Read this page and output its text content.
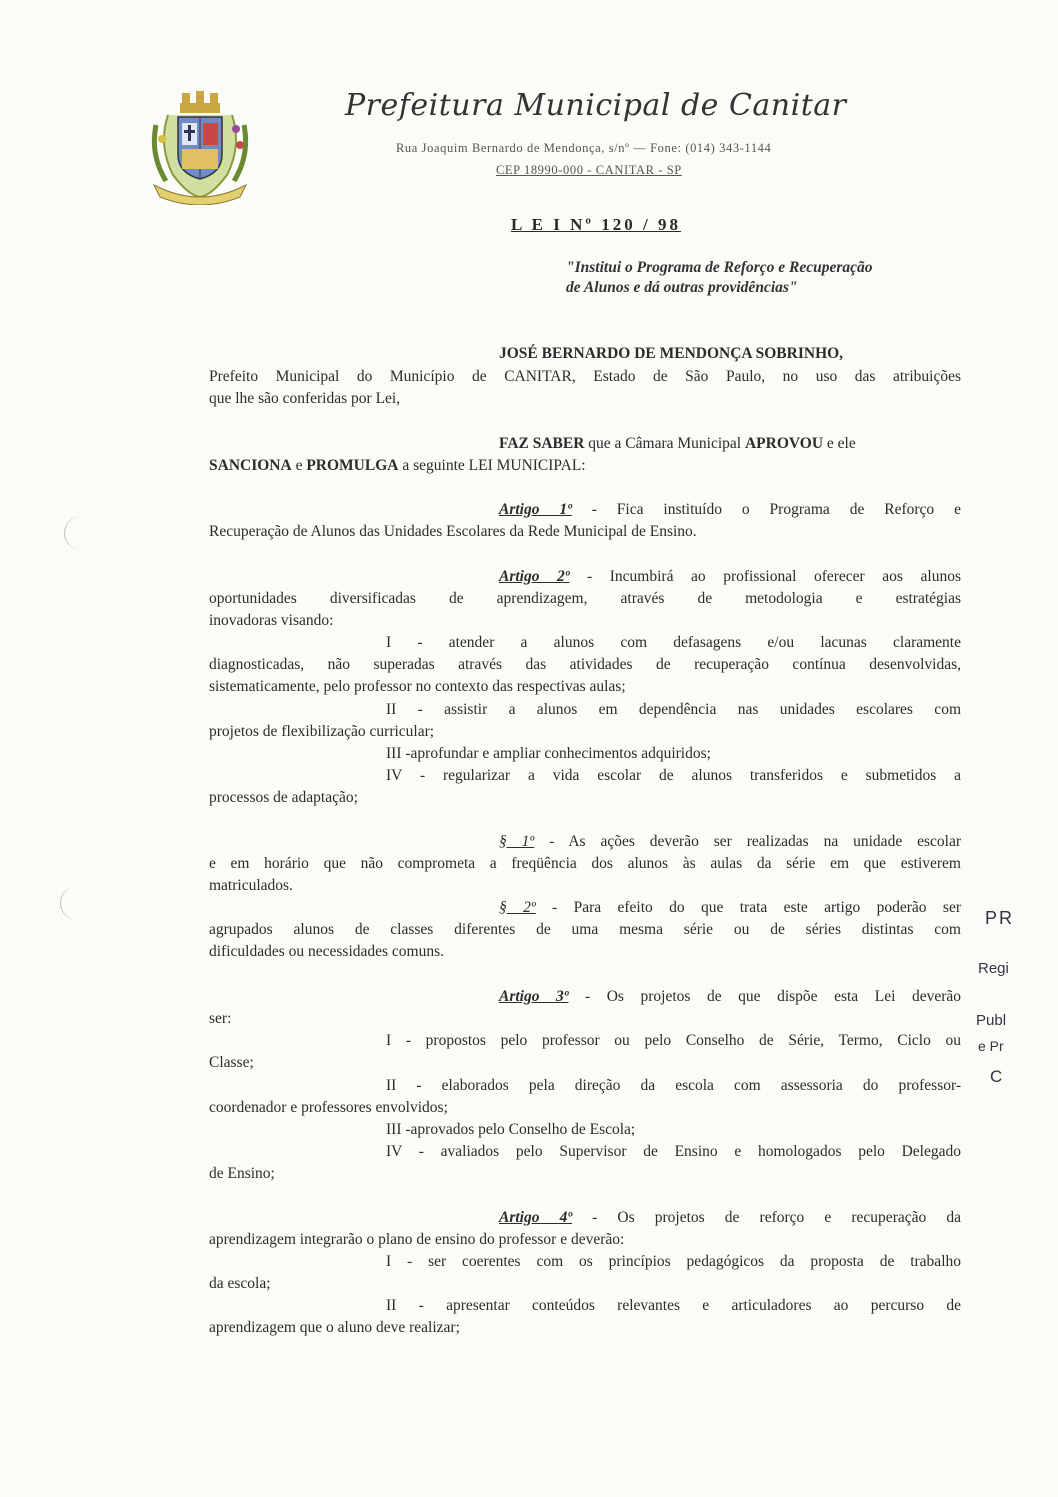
Prefeitura Municipal de Canitar
Rua Joaquim Bernardo de Mendonça, s/nº — Fone: (014) 343-1144
CEP 18990-000 - CANITAR - SP
L E I Nº 120 / 98
"Institui o Programa de Reforço e Recuperação
de Alunos e dá outras providências"
JOSÉ BERNARDO DE MENDONÇA SOBRINHO,
Prefeito Municipal do Município de CANITAR, Estado de São Paulo, no uso das atribuições
que lhe são conferidas por Lei,
FAZ SABER que a Câmara Municipal APROVOU e ele
SANCIONA e PROMULGA a seguinte LEI MUNICIPAL:
Artigo 1º - Fica instituído o Programa de Reforço e
Recuperação de Alunos das Unidades Escolares da Rede Municipal de Ensino.
Artigo 2º - Incumbirá ao profissional oferecer aos alunos
oportunidades diversificadas de aprendizagem, através de metodologia e estratégias
inovadoras visando:
I - atender a alunos com defasagens e/ou lacunas claramente
diagnosticadas, não superadas através das atividades de recuperação contínua desenvolvidas,
sistematicamente, pelo professor no contexto das respectivas aulas;
II - assistir a alunos em dependência nas unidades escolares com
projetos de flexibilização curricular;
III -aprofundar e ampliar conhecimentos adquiridos;
IV - regularizar a vida escolar de alunos transferidos e submetidos a
processos de adaptação;
§ 1º - As ações deverão ser realizadas na unidade escolar
e em horário que não comprometa a freqüência dos alunos às aulas da série em que estiverem
matriculados.
§ 2º - Para efeito do que trata este artigo poderão ser
agrupados alunos de classes diferentes de uma mesma série ou de séries distintas com
dificuldades ou necessidades comuns.
Artigo 3º - Os projetos de que dispõe esta Lei deverão
ser:
I - propostos pelo professor ou pelo Conselho de Série, Termo, Ciclo ou
Classe;
II - elaborados pela direção da escola com assessoria do professor-
coordenador e professores envolvidos;
III -aprovados pelo Conselho de Escola;
IV - avaliados pelo Supervisor de Ensino e homologados pelo Delegado
de Ensino;
Artigo 4º - Os projetos de reforço e recuperação da
aprendizagem integrarão o plano de ensino do professor e deverão:
I - ser coerentes com os princípios pedagógicos da proposta de trabalho
da escola;
II - apresentar conteúdos relevantes e articuladores ao percurso de
aprendizagem que o aluno deve realizar;
PR
Regi
Publ
e Pr
C
